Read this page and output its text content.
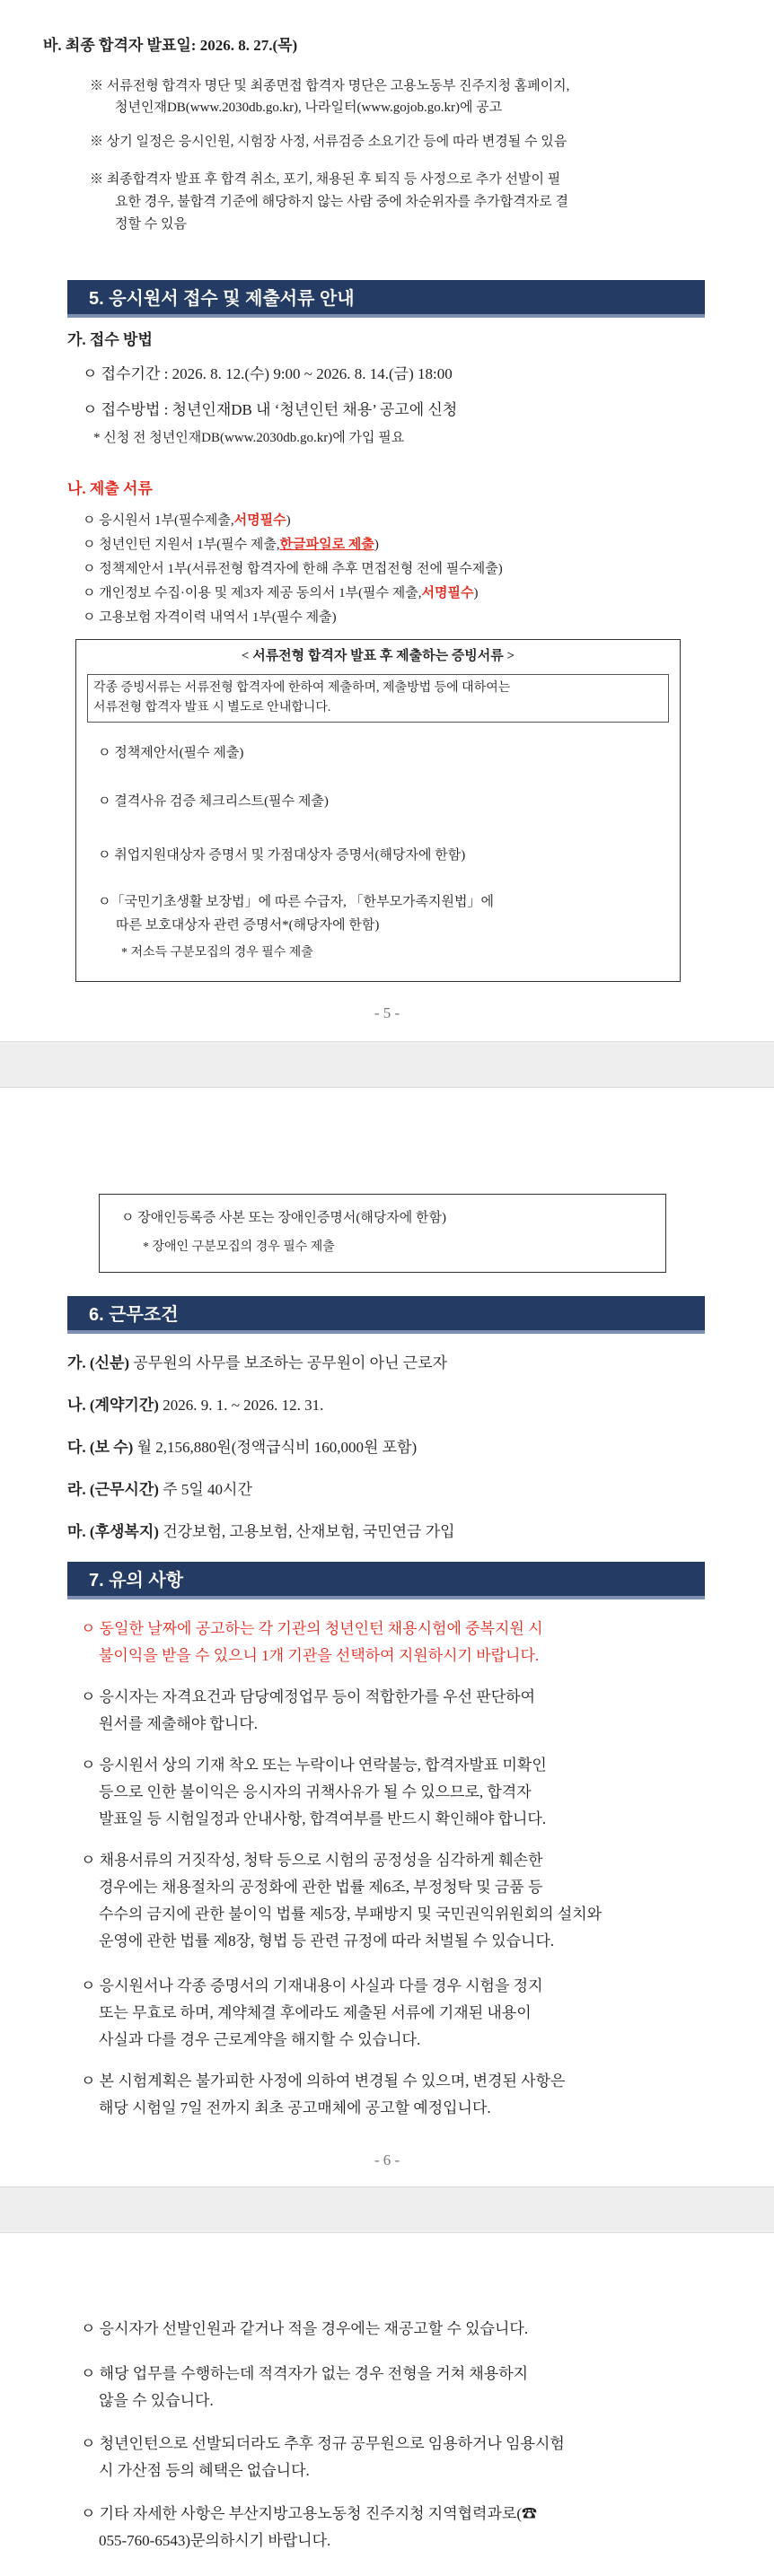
바. 최종 합격자 발표일: 2026. 8. 27.(목)
※ 서류전형 합격자 명단 및 최종면접 합격자 명단은 고용노동부 진주지청 홈페이지,
청년인재DB(www.2030db.go.kr), 나라일터(www.gojob.go.kr)에 공고
※ 상기 일정은 응시인원, 시험장 사정, 서류검증 소요기간 등에 따라 변경될 수 있음
※ 최종합격자 발표 후 합격 취소, 포기, 채용된 후 퇴직 등 사정으로 추가 선발이 필
요한 경우, 불합격 기준에 해당하지 않는 사람 중에 차순위자를 추가합격자로 결
정할 수 있음
5. 응시원서 접수 및 제출서류 안내
가. 접수 방법
ㅇ 접수기간 : 2026. 8. 12.(수) 9:00 ~ 2026. 8. 14.(금) 18:00
ㅇ 접수방법 : 청년인재DB 내 ‘청년인턴 채용’ 공고에 신청
* 신청 전 청년인재DB(www.2030db.go.kr)에 가입 필요
나. 제출 서류
ㅇ 응시원서 1부(필수제출,서명필수)
ㅇ 청년인턴 지원서 1부(필수 제출,한글파일로 제출)
ㅇ 정책제안서 1부(서류전형 합격자에 한해 추후 면접전형 전에 필수제출)
ㅇ 개인정보 수집·이용 및 제3자 제공 동의서 1부(필수 제출,서명필수)
ㅇ 고용보험 자격이력 내역서 1부(필수 제출)
< 서류전형 합격자 발표 후 제출하는 증빙서류 >
각종 증빙서류는 서류전형 합격자에 한하여 제출하며, 제출방법 등에 대하여는
서류전형 합격자 발표 시 별도로 안내합니다.
ㅇ 정책제안서(필수 제출)
ㅇ 결격사유 검증 체크리스트(필수 제출)
ㅇ 취업지원대상자 증명서 및 가점대상자 증명서(해당자에 한함)
ㅇ「국민기초생활 보장법」에 따른 수급자, 「한부모가족지원법」에
따른 보호대상자 관련 증명서*(해당자에 한함)
* 저소득 구분모집의 경우 필수 제출
- 5 -
ㅇ 장애인등록증 사본 또는 장애인증명서(해당자에 한함)
* 장애인 구분모집의 경우 필수 제출
6. 근무조건
가. (신분) 공무원의 사무를 보조하는 공무원이 아닌 근로자
나. (계약기간) 2026. 9. 1. ~ 2026. 12. 31.
다. (보 수) 월 2,156,880원(정액급식비 160,000원 포함)
라. (근무시간) 주 5일 40시간
마. (후생복지) 건강보험, 고용보험, 산재보험, 국민연금 가입
7. 유의 사항
ㅇ 동일한 날짜에 공고하는 각 기관의 청년인턴 채용시험에 중복지원 시
불이익을 받을 수 있으니 1개 기관을 선택하여 지원하시기 바랍니다.
ㅇ 응시자는 자격요건과 담당예정업무 등이 적합한가를 우선 판단하여
원서를 제출해야 합니다.
ㅇ 응시원서 상의 기재 착오 또는 누락이나 연락불능, 합격자발표 미확인
등으로 인한 불이익은 응시자의 귀책사유가 될 수 있으므로, 합격자
발표일 등 시험일정과 안내사항, 합격여부를 반드시 확인해야 합니다.
ㅇ 채용서류의 거짓작성, 청탁 등으로 시험의 공정성을 심각하게 훼손한
경우에는 채용절차의 공정화에 관한 법률 제6조, 부정청탁 및 금품 등
수수의 금지에 관한 불이익 법률 제5장, 부패방지 및 국민권익위원회의 설치와
운영에 관한 법률 제8장, 형법 등 관련 규정에 따라 처벌될 수 있습니다.
ㅇ 응시원서나 각종 증명서의 기재내용이 사실과 다를 경우 시험을 정지
또는 무효로 하며, 계약체결 후에라도 제출된 서류에 기재된 내용이
사실과 다를 경우 근로계약을 해지할 수 있습니다.
ㅇ 본 시험계획은 불가피한 사정에 의하여 변경될 수 있으며, 변경된 사항은
해당 시험일 7일 전까지 최초 공고매체에 공고할 예정입니다.
- 6 -
ㅇ 응시자가 선발인원과 같거나 적을 경우에는 재공고할 수 있습니다.
ㅇ 해당 업무를 수행하는데 적격자가 없는 경우 전형을 거쳐 채용하지
않을 수 있습니다.
ㅇ 청년인턴으로 선발되더라도 추후 정규 공무원으로 임용하거나 임용시험
시 가산점 등의 혜택은 없습니다.
ㅇ 기타 자세한 사항은 부산지방고용노동청 진주지청 지역협력과로(☎
055-760-6543)문의하시기 바랍니다.
